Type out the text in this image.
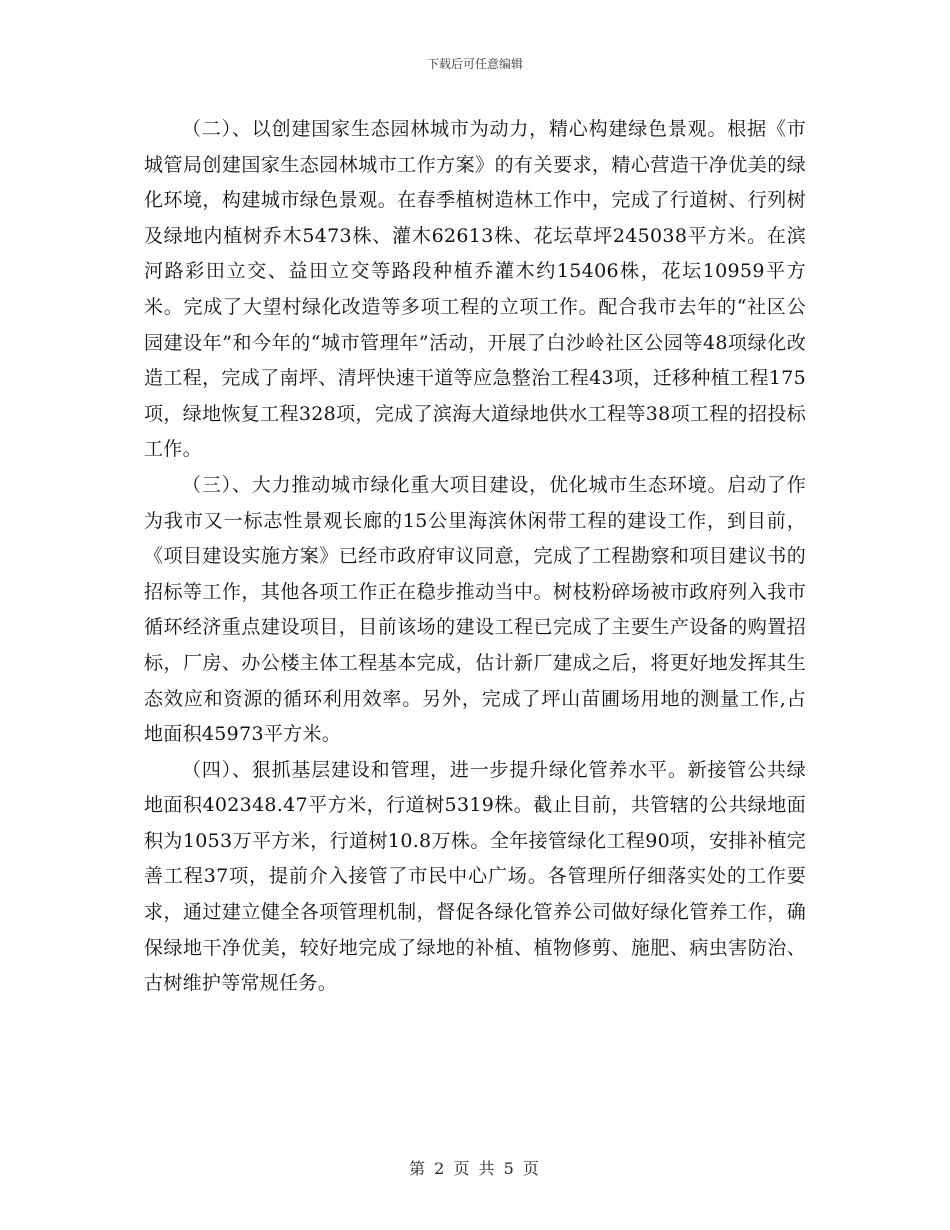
下载后可任意编辑

（二）、以创建国家生态园林城市为动力，精心构建绿色景观。根据《市城管局创建国家生态园林城市工作方案》的有关要求，精心营造干净优美的绿化环境，构建城市绿色景观。在春季植树造林工作中，完成了行道树、行列树及绿地内植树乔木5473株、灌木62613株、花坛草坪245038平方米。在滨河路彩田立交、益田立交等路段种植乔灌木约15406株，花坛10959平方米。完成了大望村绿化改造等多项工程的立项工作。配合我市去年的“社区公园建设年”和今年的“城市管理年”活动，开展了白沙岭社区公园等48项绿化改造工程，完成了南坪、清坪快速干道等应急整治工程43项，迁移种植工程175项，绿地恢复工程328项，完成了滨海大道绿地供水工程等38项工程的招投标工作。

（三）、大力推动城市绿化重大项目建设，优化城市生态环境。启动了作为我市又一标志性景观长廊的15公里海滨休闲带工程的建设工作，到目前，《项目建设实施方案》已经市政府审议同意，完成了工程勘察和项目建议书的招标等工作，其他各项工作正在稳步推动当中。树枝粉碎场被市政府列入我市循环经济重点建设项目，目前该场的建设工程已完成了主要生产设备的购置招标，厂房、办公楼主体工程基本完成，估计新厂建成之后，将更好地发挥其生态效应和资源的循环利用效率。另外，完成了坪山苗圃场用地的测量工作,占地面积45973平方米。

（四）、狠抓基层建设和管理，进一步提升绿化管养水平。新接管公共绿地面积402348.47平方米，行道树5319株。截止目前，共管辖的公共绿地面积为1053万平方米，行道树10.8万株。全年接管绿化工程90项，安排补植完善工程37项，提前介入接管了市民中心广场。各管理所仔细落实处的工作要求，通过建立健全各项管理机制，督促各绿化管养公司做好绿化管养工作，确保绿地干净优美，较好地完成了绿地的补植、植物修剪、施肥、病虫害防治、古树维护等常规任务。

第 2 页 共 5 页
